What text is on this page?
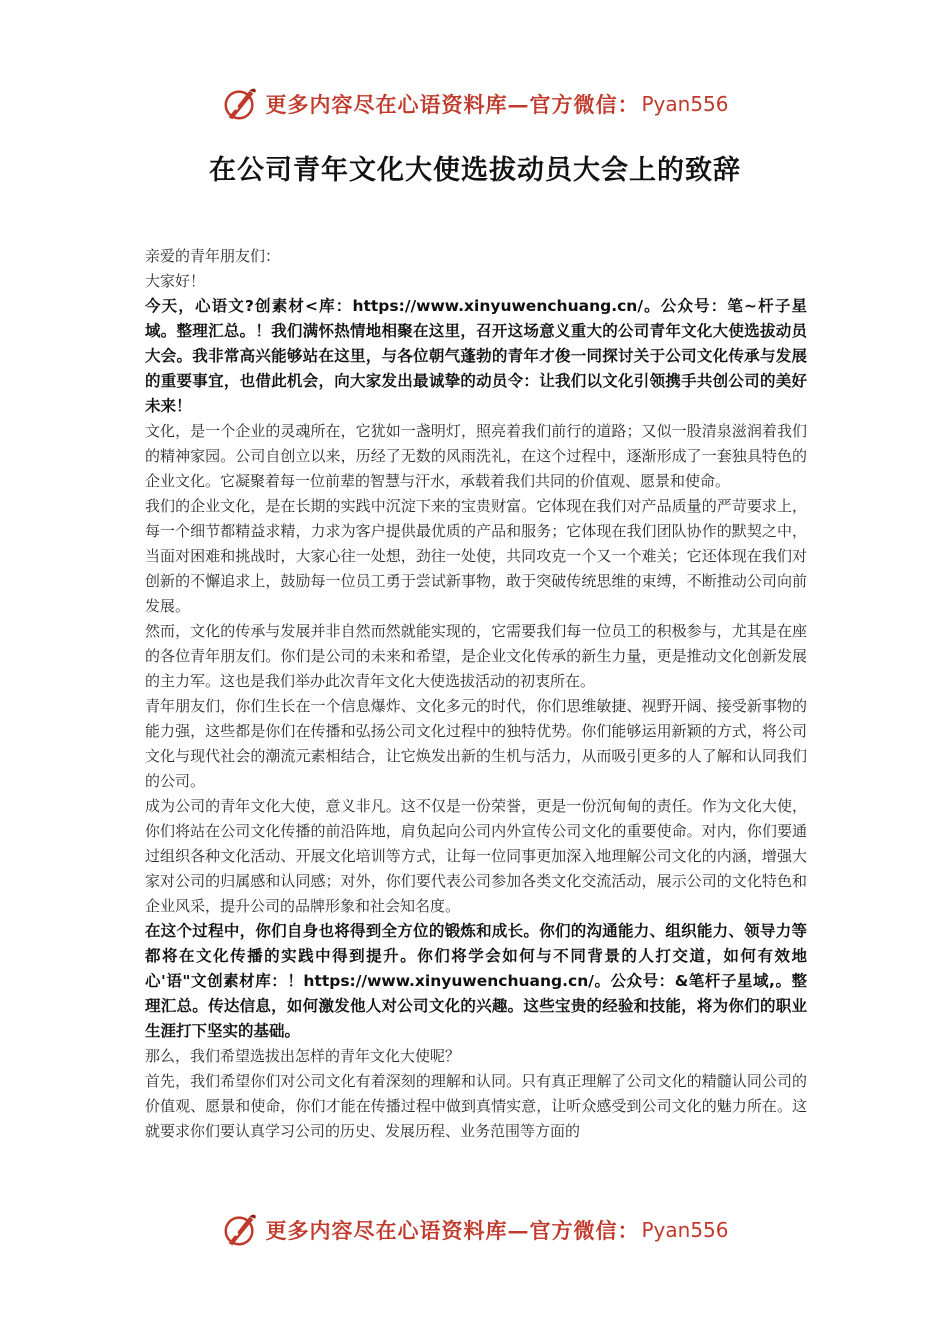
更多内容尽在心语资料库—官方微信： Pyan556
在公司青年文化大使选拔动员大会上的致辞

亲爱的青年朋友们：

大家好！

今天，心语文?创素材<库：https://www.xinyuwenchuang.cn/。公众号：笔~杆子星域。整理汇总。！我们满怀热情地相聚在这里，召开这场意义重大的公司青年文化大使选拔动员大会。我非常高兴能够站在这里，与各位朝气蓬勃的青年才俊一同探讨关于公司文化传承与发展的重要事宜，也借此机会，向大家发出最诚挚的动员令：让我们以文化引领携手共创公司的美好未来！

文化，是一个企业的灵魂所在，它犹如一盏明灯，照亮着我们前行的道路；又似一股清泉滋润着我们的精神家园。公司自创立以来，历经了无数的风雨洗礼，在这个过程中，逐渐形成了一套独具特色的企业文化。它凝聚着每一位前辈的智慧与汗水，承载着我们共同的价值观、愿景和使命。

我们的企业文化，是在长期的实践中沉淀下来的宝贵财富。它体现在我们对产品质量的严苛要求上，每一个细节都精益求精，力求为客户提供最优质的产品和服务；它体现在我们团队协作的默契之中，当面对困难和挑战时，大家心往一处想，劲往一处使，共同攻克一个又一个难关；它还体现在我们对创新的不懈追求上，鼓励每一位员工勇于尝试新事物，敢于突破传统思维的束缚，不断推动公司向前发展。

然而，文化的传承与发展并非自然而然就能实现的，它需要我们每一位员工的积极参与，尤其是在座的各位青年朋友们。你们是公司的未来和希望，是企业文化传承的新生力量，更是推动文化创新发展的主力军。这也是我们举办此次青年文化大使选拔活动的初衷所在。

青年朋友们，你们生长在一个信息爆炸、文化多元的时代，你们思维敏捷、视野开阔、接受新事物的能力强，这些都是你们在传播和弘扬公司文化过程中的独特优势。你们能够运用新颖的方式，将公司文化与现代社会的潮流元素相结合，让它焕发出新的生机与活力，从而吸引更多的人了解和认同我们的公司。

成为公司的青年文化大使，意义非凡。这不仅是一份荣誉，更是一份沉甸甸的责任。作为文化大使，你们将站在公司文化传播的前沿阵地，肩负起向公司内外宣传公司文化的重要使命。对内，你们要通过组织各种文化活动、开展文化培训等方式，让每一位同事更加深入地理解公司文化的内涵，增强大家对公司的归属感和认同感；对外，你们要代表公司参加各类文化交流活动，展示公司的文化特色和企业风采，提升公司的品牌形象和社会知名度。

在这个过程中，你们自身也将得到全方位的锻炼和成长。你们的沟通能力、组织能力、领导力等都将在文化传播的实践中得到提升。你们将学会如何与不同背景的人打交道，如何有效地心'语"文创素材库：！https://www.xinyuwenchuang.cn/。公众号：&笔杆子星域,。整理汇总。传达信息，如何激发他人对公司文化的兴趣。这些宝贵的经验和技能，将为你们的职业生涯打下坚实的基础。

那么，我们希望选拔出怎样的青年文化大使呢？

首先，我们希望你们对公司文化有着深刻的理解和认同。只有真正理解了公司文化的精髓认同公司的价值观、愿景和使命，你们才能在传播过程中做到真情实意，让听众感受到公司文化的魅力所在。这就要求你们要认真学习公司的历史、发展历程、业务范围等方面的

更多内容尽在心语资料库—官方微信： Pyan556
